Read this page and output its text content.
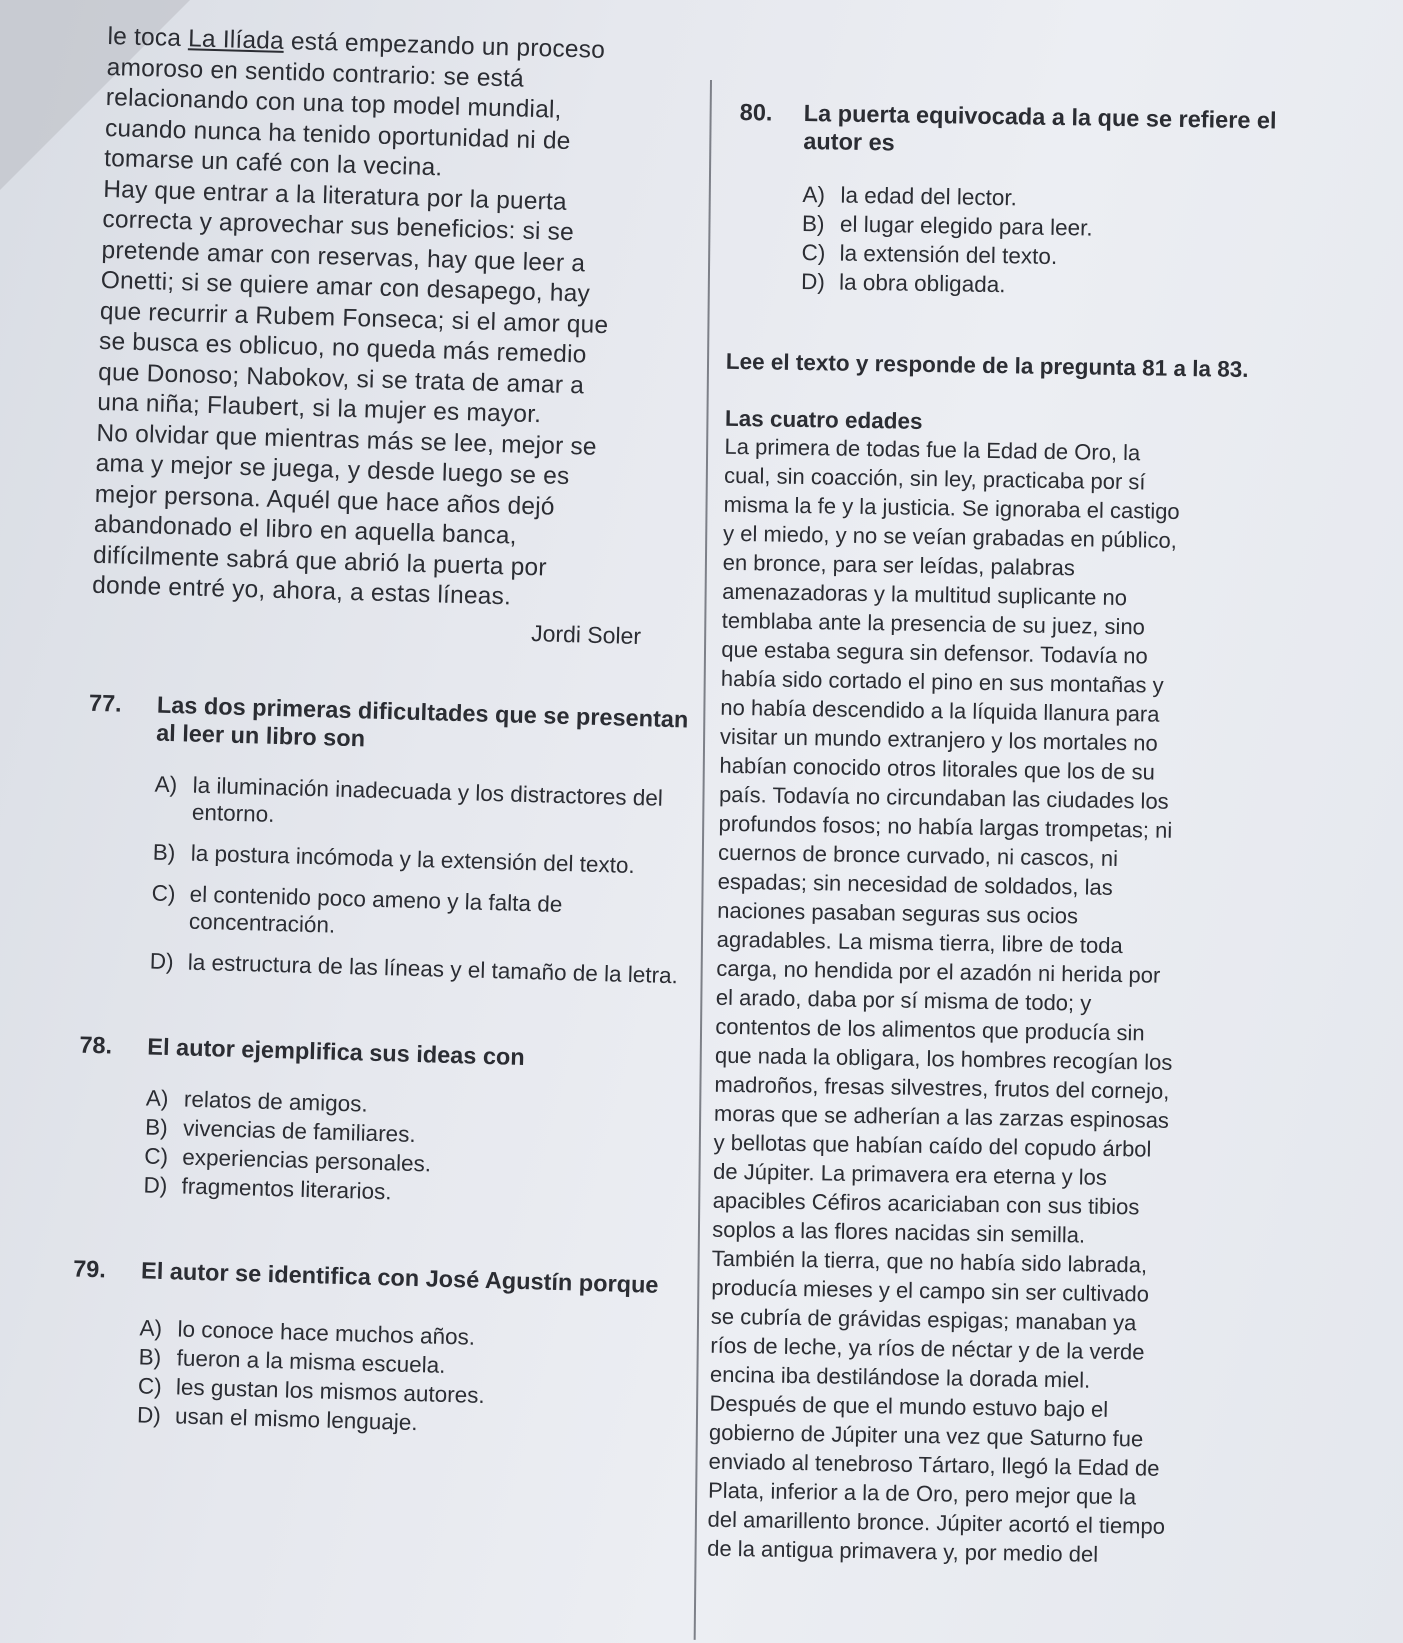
le toca La Ilíada está empezando un proceso
amoroso en sentido contrario: se está
relacionando con una top model mundial,
cuando nunca ha tenido oportunidad ni de
tomarse un café con la vecina.
Hay que entrar a la literatura por la puerta
correcta y aprovechar sus beneficios: si se
pretende amar con reservas, hay que leer a
Onetti; si se quiere amar con desapego, hay
que recurrir a Rubem Fonseca; si el amor que
se busca es oblicuo, no queda más remedio
que Donoso; Nabokov, si se trata de amar a
una niña; Flaubert, si la mujer es mayor.
No olvidar que mientras más se lee, mejor se
ama y mejor se juega, y desde luego se es
mejor persona. Aquél que hace años dejó
abandonado el libro en aquella banca,
difícilmente sabrá que abrió la puerta por
donde entré yo, ahora, a estas líneas.
Jordi Soler
77.	Las dos primeras dificultades que se presentan al leer un libro son
A) la iluminación inadecuada y los distractores del entorno.
B) la postura incómoda y la extensión del texto.
C) el contenido poco ameno y la falta de concentración.
D) la estructura de las líneas y el tamaño de la letra.
78.	El autor ejemplifica sus ideas con
A) relatos de amigos.
B) vivencias de familiares.
C) experiencias personales.
D) fragmentos literarios.
79.	El autor se identifica con José Agustín porque
A) lo conoce hace muchos años.
B) fueron a la misma escuela.
C) les gustan los mismos autores.
D) usan el mismo lenguaje.
80.	La puerta equivocada a la que se refiere el autor es
A) la edad del lector.
B) el lugar elegido para leer.
C) la extensión del texto.
D) la obra obligada.
Lee el texto y responde de la pregunta 81 a la 83.
Las cuatro edades
La primera de todas fue la Edad de Oro, la
cual, sin coacción, sin ley, practicaba por sí
misma la fe y la justicia. Se ignoraba el castigo
y el miedo, y no se veían grabadas en público,
en bronce, para ser leídas, palabras
amenazadoras y la multitud suplicante no
temblaba ante la presencia de su juez, sino
que estaba segura sin defensor. Todavía no
había sido cortado el pino en sus montañas y
no había descendido a la líquida llanura para
visitar un mundo extranjero y los mortales no
habían conocido otros litorales que los de su
país. Todavía no circundaban las ciudades los
profundos fosos; no había largas trompetas; ni
cuernos de bronce curvado, ni cascos, ni
espadas; sin necesidad de soldados, las
naciones pasaban seguras sus ocios
agradables. La misma tierra, libre de toda
carga, no hendida por el azadón ni herida por
el arado, daba por sí misma de todo; y
contentos de los alimentos que producía sin
que nada la obligara, los hombres recogían los
madroños, fresas silvestres, frutos del cornejo,
moras que se adherían a las zarzas espinosas
y bellotas que habían caído del copudo árbol
de Júpiter. La primavera era eterna y los
apacibles Céfiros acariciaban con sus tibios
soplos a las flores nacidas sin semilla.
También la tierra, que no había sido labrada,
producía mieses y el campo sin ser cultivado
se cubría de grávidas espigas; manaban ya
ríos de leche, ya ríos de néctar y de la verde
encina iba destilándose la dorada miel.
Después de que el mundo estuvo bajo el
gobierno de Júpiter una vez que Saturno fue
enviado al tenebroso Tártaro, llegó la Edad de
Plata, inferior a la de Oro, pero mejor que la
del amarillento bronce. Júpiter acortó el tiempo
de la antigua primavera y, por medio del
